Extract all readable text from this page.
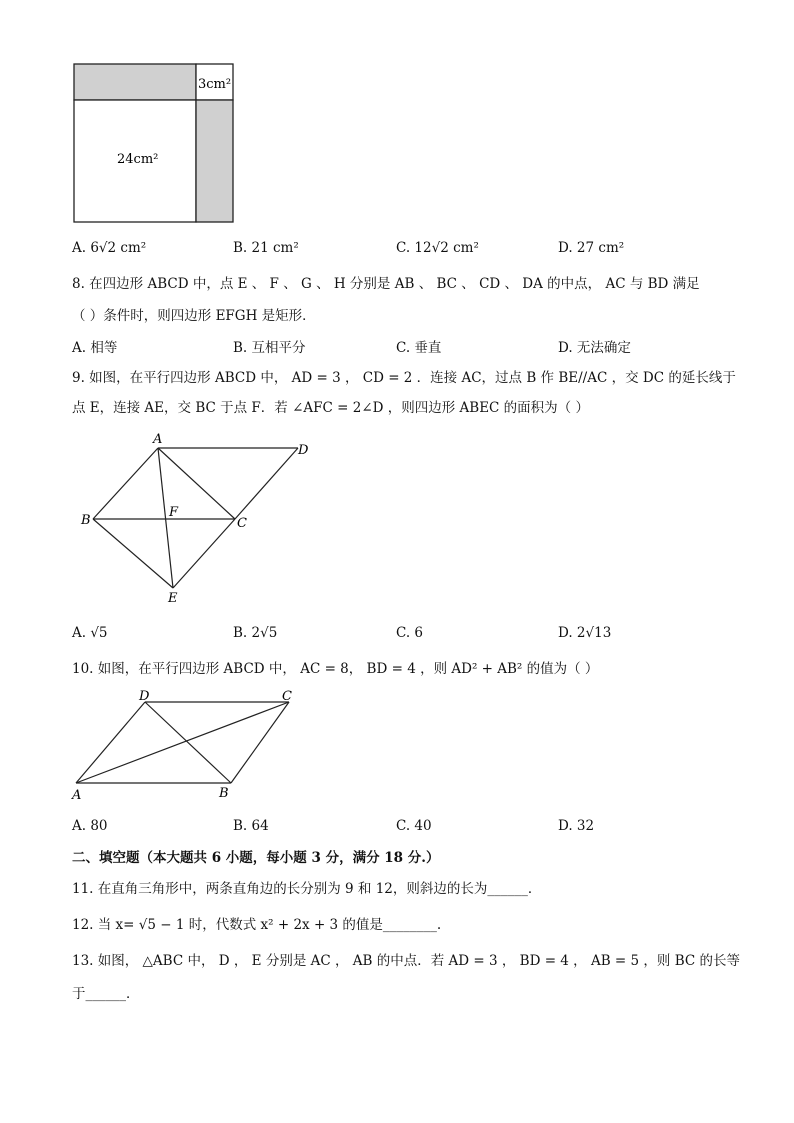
3cm²
24cm²
A. 6√2 cm²	B. 21 cm²	C. 12√2 cm²	D. 27 cm²
8. 在四边形 ABCD 中，点 E 、 F 、 G 、 H 分别是 AB 、 BC 、 CD 、 DA 的中点， AC 与 BD 满足
（ ）条件时，则四边形 EFGH 是矩形．
A. 相等	B. 互相平分	C. 垂直	D. 无法确定
9. 如图，在平行四边形 ABCD 中， AD = 3 ， CD = 2 ．连接 AC，过点 B 作 BE//AC ，交 DC 的延长线于
点 E，连接 AE，交 BC 于点 F．若 ∠AFC = 2∠D ，则四边形 ABEC 的面积为（ ）
A
D
B
F
C
E
A. √5	B. 2√5	C. 6	D. 2√13
10. 如图，在平行四边形 ABCD 中， AC = 8， BD = 4 ，则 AD² + AB² 的值为（ ）
D	C
A	B
A. 80	B. 64	C. 40	D. 32
二、填空题（本大题共 6 小题，每小题 3 分，满分 18 分.）
11. 在直角三角形中，两条直角边的长分别为 9 和 12，则斜边的长为______．
12. 当 x= √5 − 1 时，代数式 x² + 2x + 3 的值是________.
13. 如图， △ABC 中， D ， E 分别是 AC ， AB 的中点．若 AD = 3 ， BD = 4 ， AB = 5 ，则 BC 的长等
于______．
